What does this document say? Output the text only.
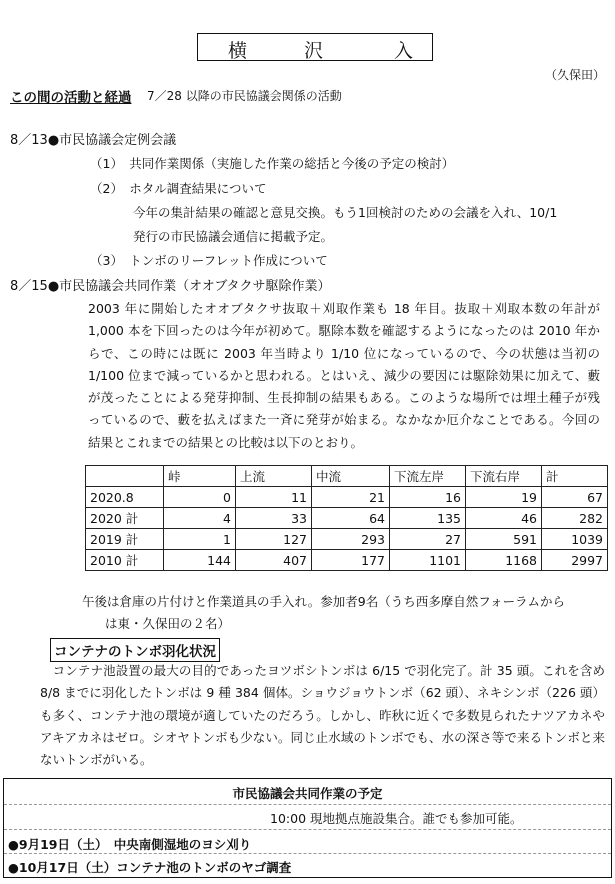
横	沢	入
（久保田）
この間の活動と経過 7／28 以降の市民協議会関係の活動
8／13●市民協議会定例会議
（1）　共同作業関係（実施した作業の総括と今後の予定の検討）
（2）　ホタル調査結果について
今年の集計結果の確認と意見交換。もう1回検討のための会議を入れ、10/1
発行の市民協議会通信に掲載予定。
（3）　トンボのリーフレット作成について
8／15●市民協議会共同作業（オオブタクサ駆除作業）
2003 年に開始したオオブタクサ抜取＋刈取作業も 18 年目。抜取＋刈取本数の年計が 1,000 本を下回ったのは今年が初めて。駆除本数を確認するようになったのは 2010 年からで、この時には既に 2003 年当時より 1/10 位になっているので、今の状態は当初の 1/100 位まで減っているかと思われる。とはいえ、減少の要因には駆除効果に加えて、藪が茂ったことによる発芽抑制、生長抑制の結果もある。このような場所では埋土種子が残っているので、藪を払えばまた一斉に発芽が始まる。なかなか厄介なことである。今回の結果とこれまでの結果との比較は以下のとおり。
	峠	上流	中流	下流左岸	下流右岸	計
2020.8	0	11	21	16	19	67
2020 計	4	33	64	135	46	282
2019 計	1	127	293	27	591	1039
2010 計	144	407	177	1101	1168	2997
午後は倉庫の片付けと作業道具の手入れ。参加者9名（うち西多摩自然フォーラムから
は東・久保田の２名）
コンテナのトンボ羽化状況
　コンテナ池設置の最大の目的であったヨツボシトンボは 6/15 で羽化完了。計 35 頭。これを含め 8/8 までに羽化したトンボは 9 種 384 個体。ショウジョウトンボ（62 頭）、ネキシンボ（226 頭）も多く、コンテナ池の環境が適していたのだろう。しかし、昨秋に近くで多数見られたナツアカネやアキアカネはゼロ。シオヤトンボも少ない。同じ止水域のトンボでも、水の深さ等で来るトンボと来ないトンボがいる。
市民協議会共同作業の予定
10:00 現地拠点施設集合。誰でも参加可能。
●9月19日（土）　中央南側湿地のヨシ刈り
●10月17日（土）コンテナ池のトンボのヤゴ調査
